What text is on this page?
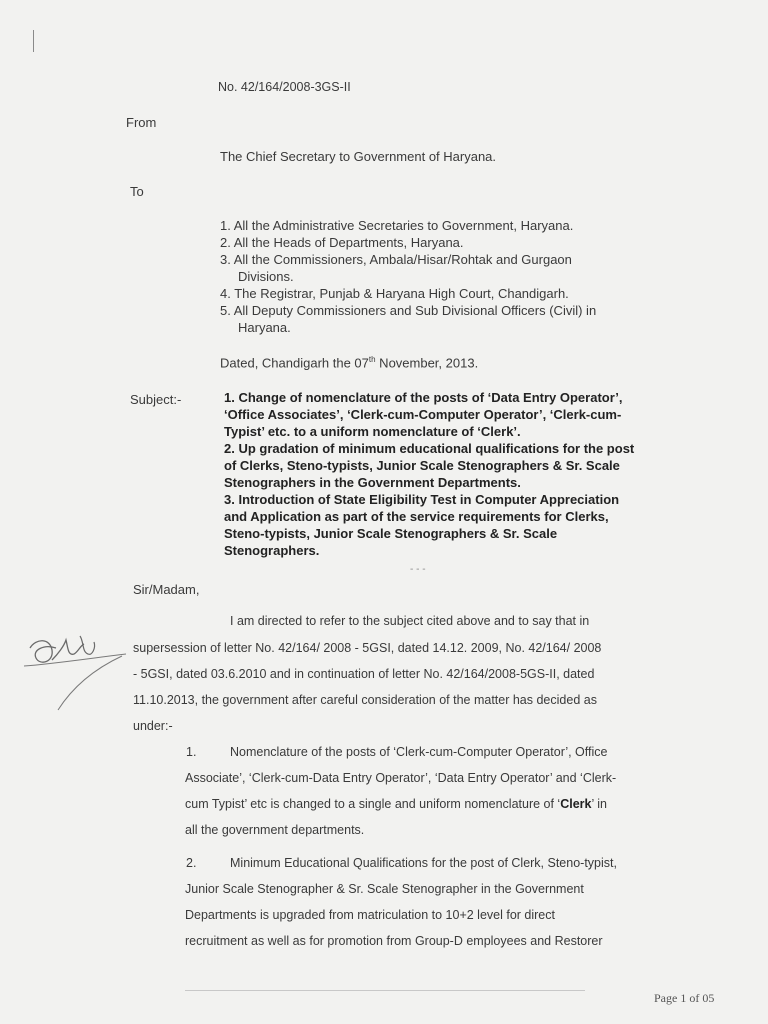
No. 42/164/2008-3GS-II
From
The Chief Secretary to Government of Haryana.
To
1. All the Administrative Secretaries to Government, Haryana.
2. All the Heads of Departments, Haryana.
3. All the Commissioners, Ambala/Hisar/Rohtak and Gurgaon
Divisions.
4. The Registrar, Punjab & Haryana High Court, Chandigarh.
5. All Deputy Commissioners and Sub Divisional Officers (Civil) in
Haryana.
Dated, Chandigarh the 07th November, 2013.
Subject:-	1. Change of nomenclature of the posts of ‘Data Entry Operator’,
‘Office Associates’, ‘Clerk-cum-Computer Operator’, ‘Clerk-cum-
Typist’ etc. to a uniform nomenclature of ‘Clerk’.
2. Up gradation of minimum educational qualifications for the post
of Clerks, Steno-typists, Junior Scale Stenographers & Sr. Scale
Stenographers in the Government Departments.
3. Introduction of State Eligibility Test in Computer Appreciation
and Application as part of the service requirements for Clerks,
Steno-typists, Junior Scale Stenographers & Sr. Scale
Stenographers.
- - -
Sir/Madam,
I am directed to refer to the subject cited above and to say that in
supersession of letter No. 42/164/ 2008 - 5GSI, dated 14.12. 2009, No. 42/164/ 2008
- 5GSI, dated 03.6.2010 and in continuation of letter No. 42/164/2008-5GS-II, dated
11.10.2013, the government after careful consideration of the matter has decided as
under:-
1.	Nomenclature of the posts of ‘Clerk-cum-Computer Operator’, Office
Associate’, ‘Clerk-cum-Data Entry Operator’, ‘Data Entry Operator’ and ‘Clerk-
cum Typist’ etc is changed to a single and uniform nomenclature of ‘Clerk’ in
all the government departments.
2.	Minimum Educational Qualifications for the post of Clerk, Steno-typist,
Junior Scale Stenographer & Sr. Scale Stenographer in the Government
Departments is upgraded from matriculation to 10+2 level for direct
recruitment as well as for promotion from Group-D employees and Restorer
Page 1 of 05
